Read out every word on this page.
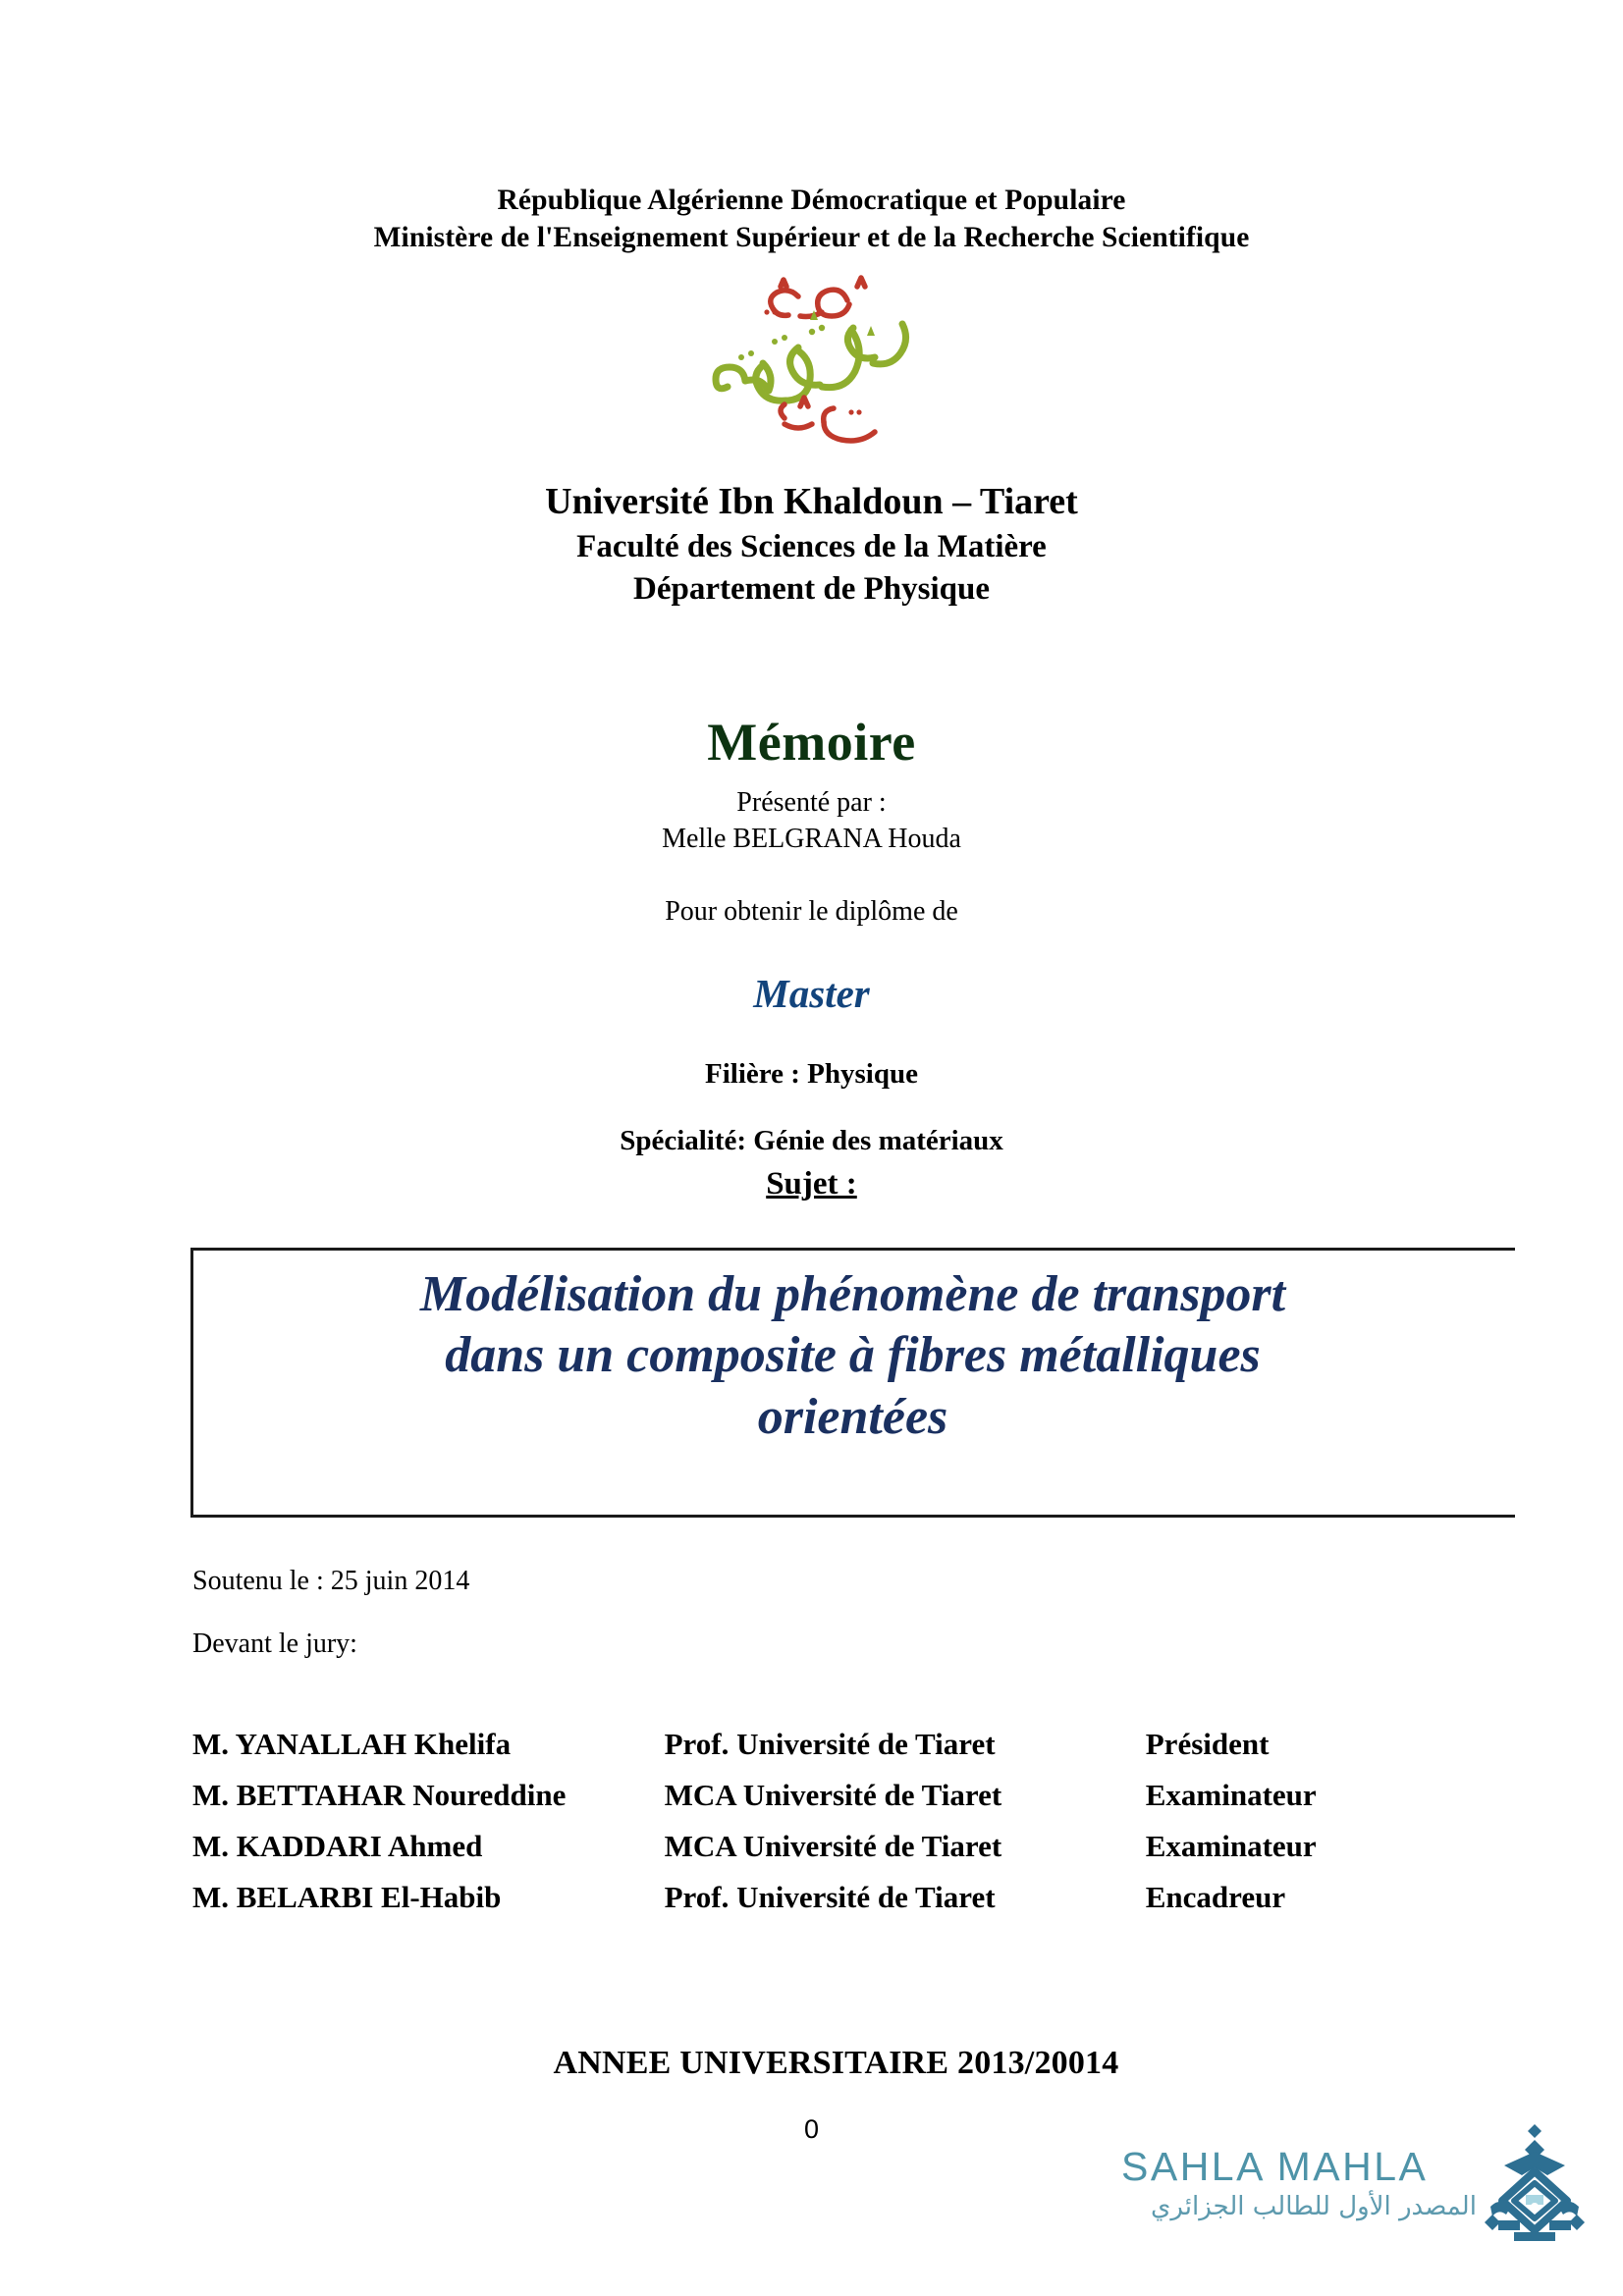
République Algérienne Démocratique et Populaire
Ministère de l'Enseignement Supérieur et de la Recherche Scientifique
Université Ibn Khaldoun – Tiaret
Faculté des Sciences de la Matière
Département de Physique
Mémoire
Présenté par :
Melle BELGRANA Houda
Pour obtenir le diplôme de
Master
Filière : Physique
Spécialité: Génie des matériaux
Sujet :
Modélisation du phénomène de transport
dans un composite à fibres métalliques
orientées
Soutenu le : 25 juin 2014
Devant le jury:
M. YANALLAH Khelifa	Prof. Université de Tiaret	Président
M. BETTAHAR Noureddine	MCA Université de Tiaret	Examinateur
M. KADDARI Ahmed	MCA Université de Tiaret	Examinateur
M. BELARBI El-Habib	Prof. Université de Tiaret	Encadreur
ANNEE UNIVERSITAIRE 2013/20014
0
SAHLA MAHLA
المصدر الأول للطالب الجزائري
